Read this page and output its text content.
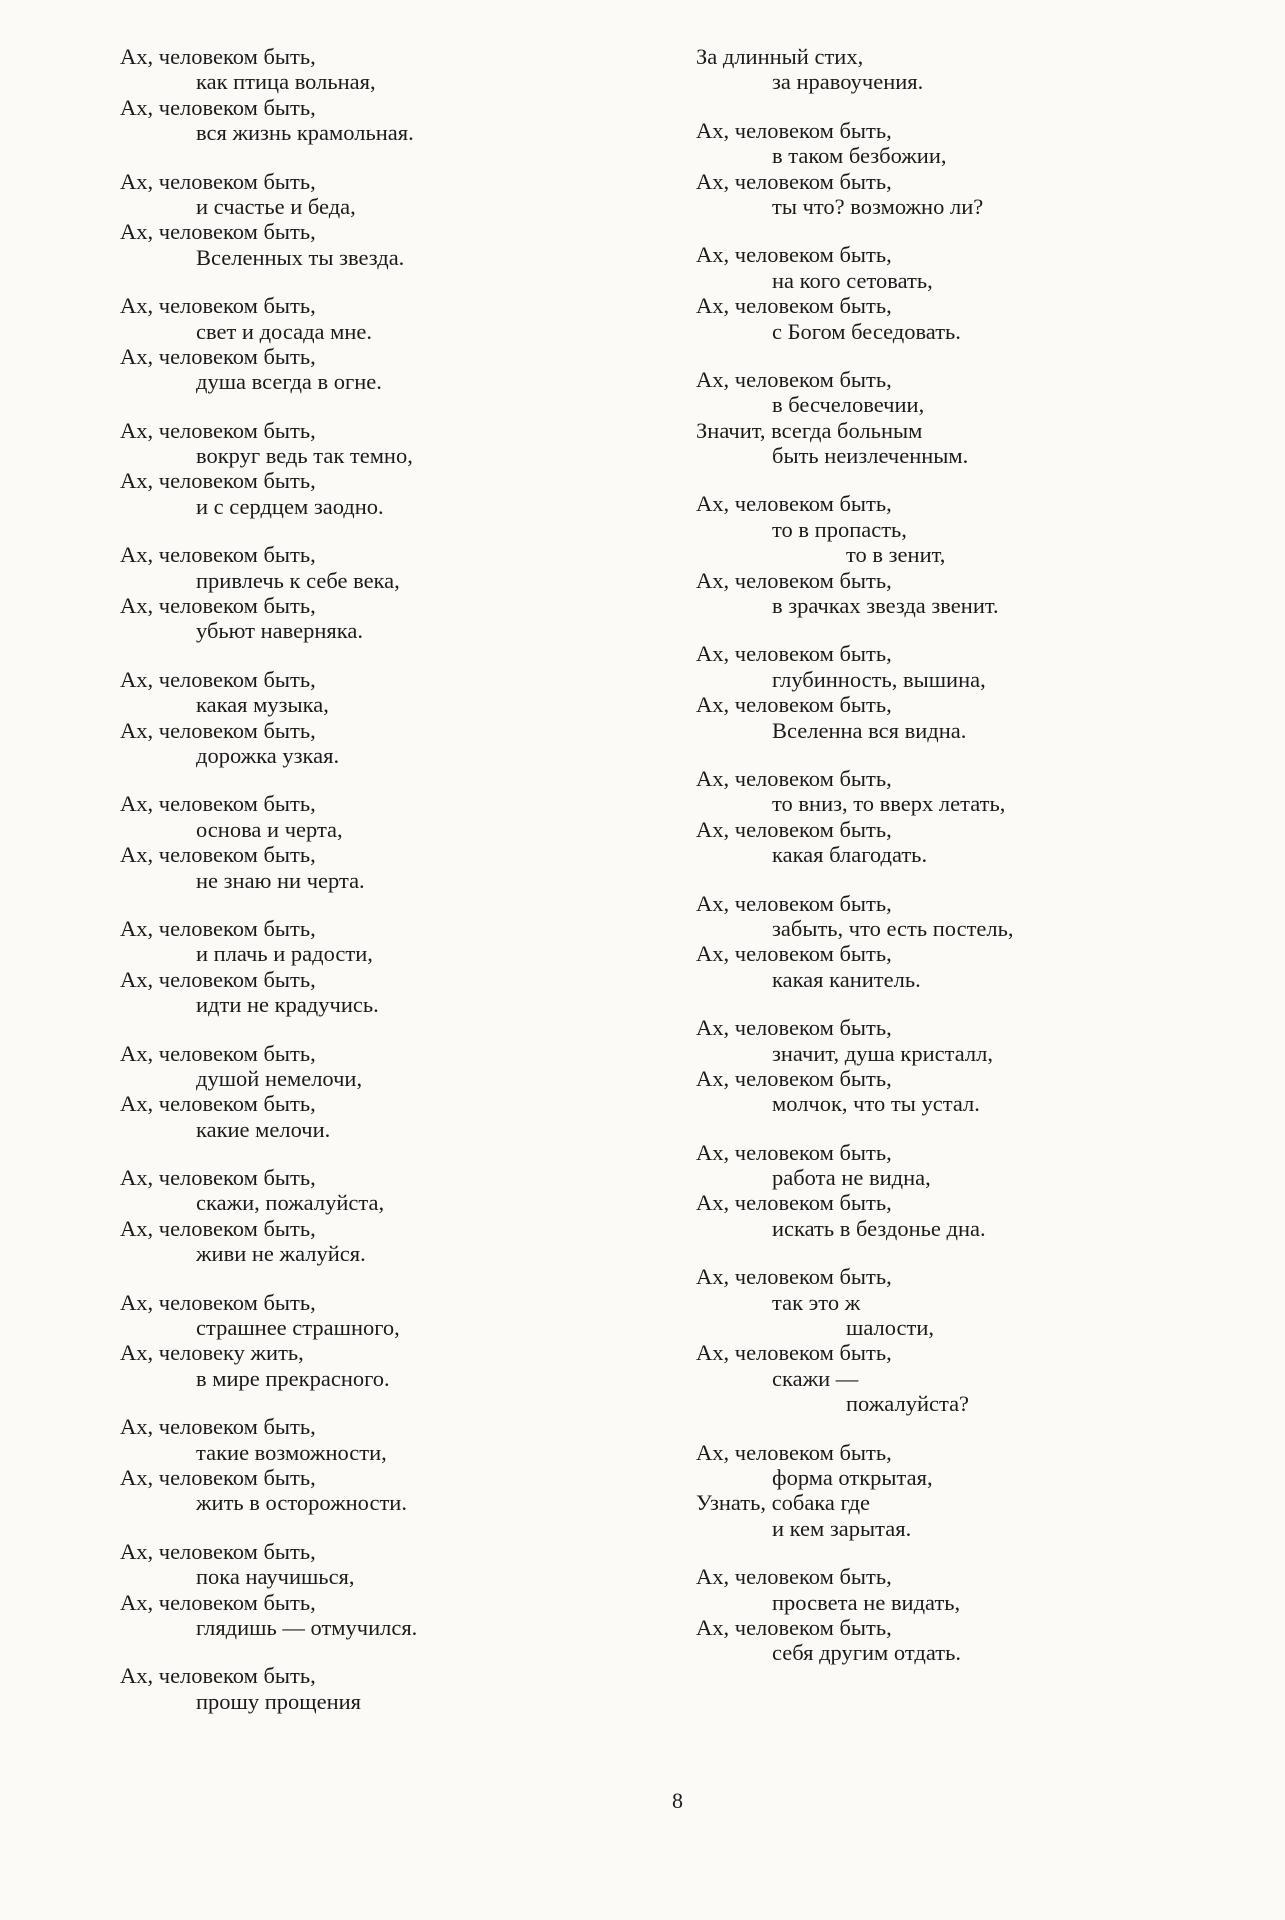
Ах, человеком быть,
как птица вольная,
Ах, человеком быть,
вся жизнь крамольная.
Ах, человеком быть,
и счастье и беда,
Ах, человеком быть,
Вселенных ты звезда.
Ах, человеком быть,
свет и досада мне.
Ах, человеком быть,
душа всегда в огне.
Ах, человеком быть,
вокруг ведь так темно,
Ах, человеком быть,
и с сердцем заодно.
Ах, человеком быть,
привлечь к себе века,
Ах, человеком быть,
убьют наверняка.
Ах, человеком быть,
какая музыка,
Ах, человеком быть,
дорожка узкая.
Ах, человеком быть,
основа и черта,
Ах, человеком быть,
не знаю ни черта.
Ах, человеком быть,
и плачь и радости,
Ах, человеком быть,
идти не крадучись.
Ах, человеком быть,
душой немелочи,
Ах, человеком быть,
какие мелочи.
Ах, человеком быть,
скажи, пожалуйста,
Ах, человеком быть,
живи не жалуйся.
Ах, человеком быть,
страшнее страшного,
Ах, человеку жить,
в мире прекрасного.
Ах, человеком быть,
такие возможности,
Ах, человеком быть,
жить в осторожности.
Ах, человеком быть,
пока научишься,
Ах, человеком быть,
глядишь — отмучился.
Ах, человеком быть,
прошу прощения
За длинный стих,
за нравоучения.
Ах, человеком быть,
в таком безбожии,
Ах, человеком быть,
ты что? возможно ли?
Ах, человеком быть,
на кого сетовать,
Ах, человеком быть,
с Богом беседовать.
Ах, человеком быть,
в бесчеловечии,
Значит, всегда больным
быть неизлеченным.
Ах, человеком быть,
то в пропасть,
то в зенит,
Ах, человеком быть,
в зрачках звезда звенит.
Ах, человеком быть,
глубинность, вышина,
Ах, человеком быть,
Вселенна вся видна.
Ах, человеком быть,
то вниз, то вверх летать,
Ах, человеком быть,
какая благодать.
Ах, человеком быть,
забыть, что есть постель,
Ах, человеком быть,
какая канитель.
Ах, человеком быть,
значит, душа кристалл,
Ах, человеком быть,
молчок, что ты устал.
Ах, человеком быть,
работа не видна,
Ах, человеком быть,
искать в бездонье дна.
Ах, человеком быть,
так это ж
шалости,
Ах, человеком быть,
скажи —
пожалуйста?
Ах, человеком быть,
форма открытая,
Узнать, собака где
и кем зарытая.
Ах, человеком быть,
просвета не видать,
Ах, человеком быть,
себя другим отдать.
8
